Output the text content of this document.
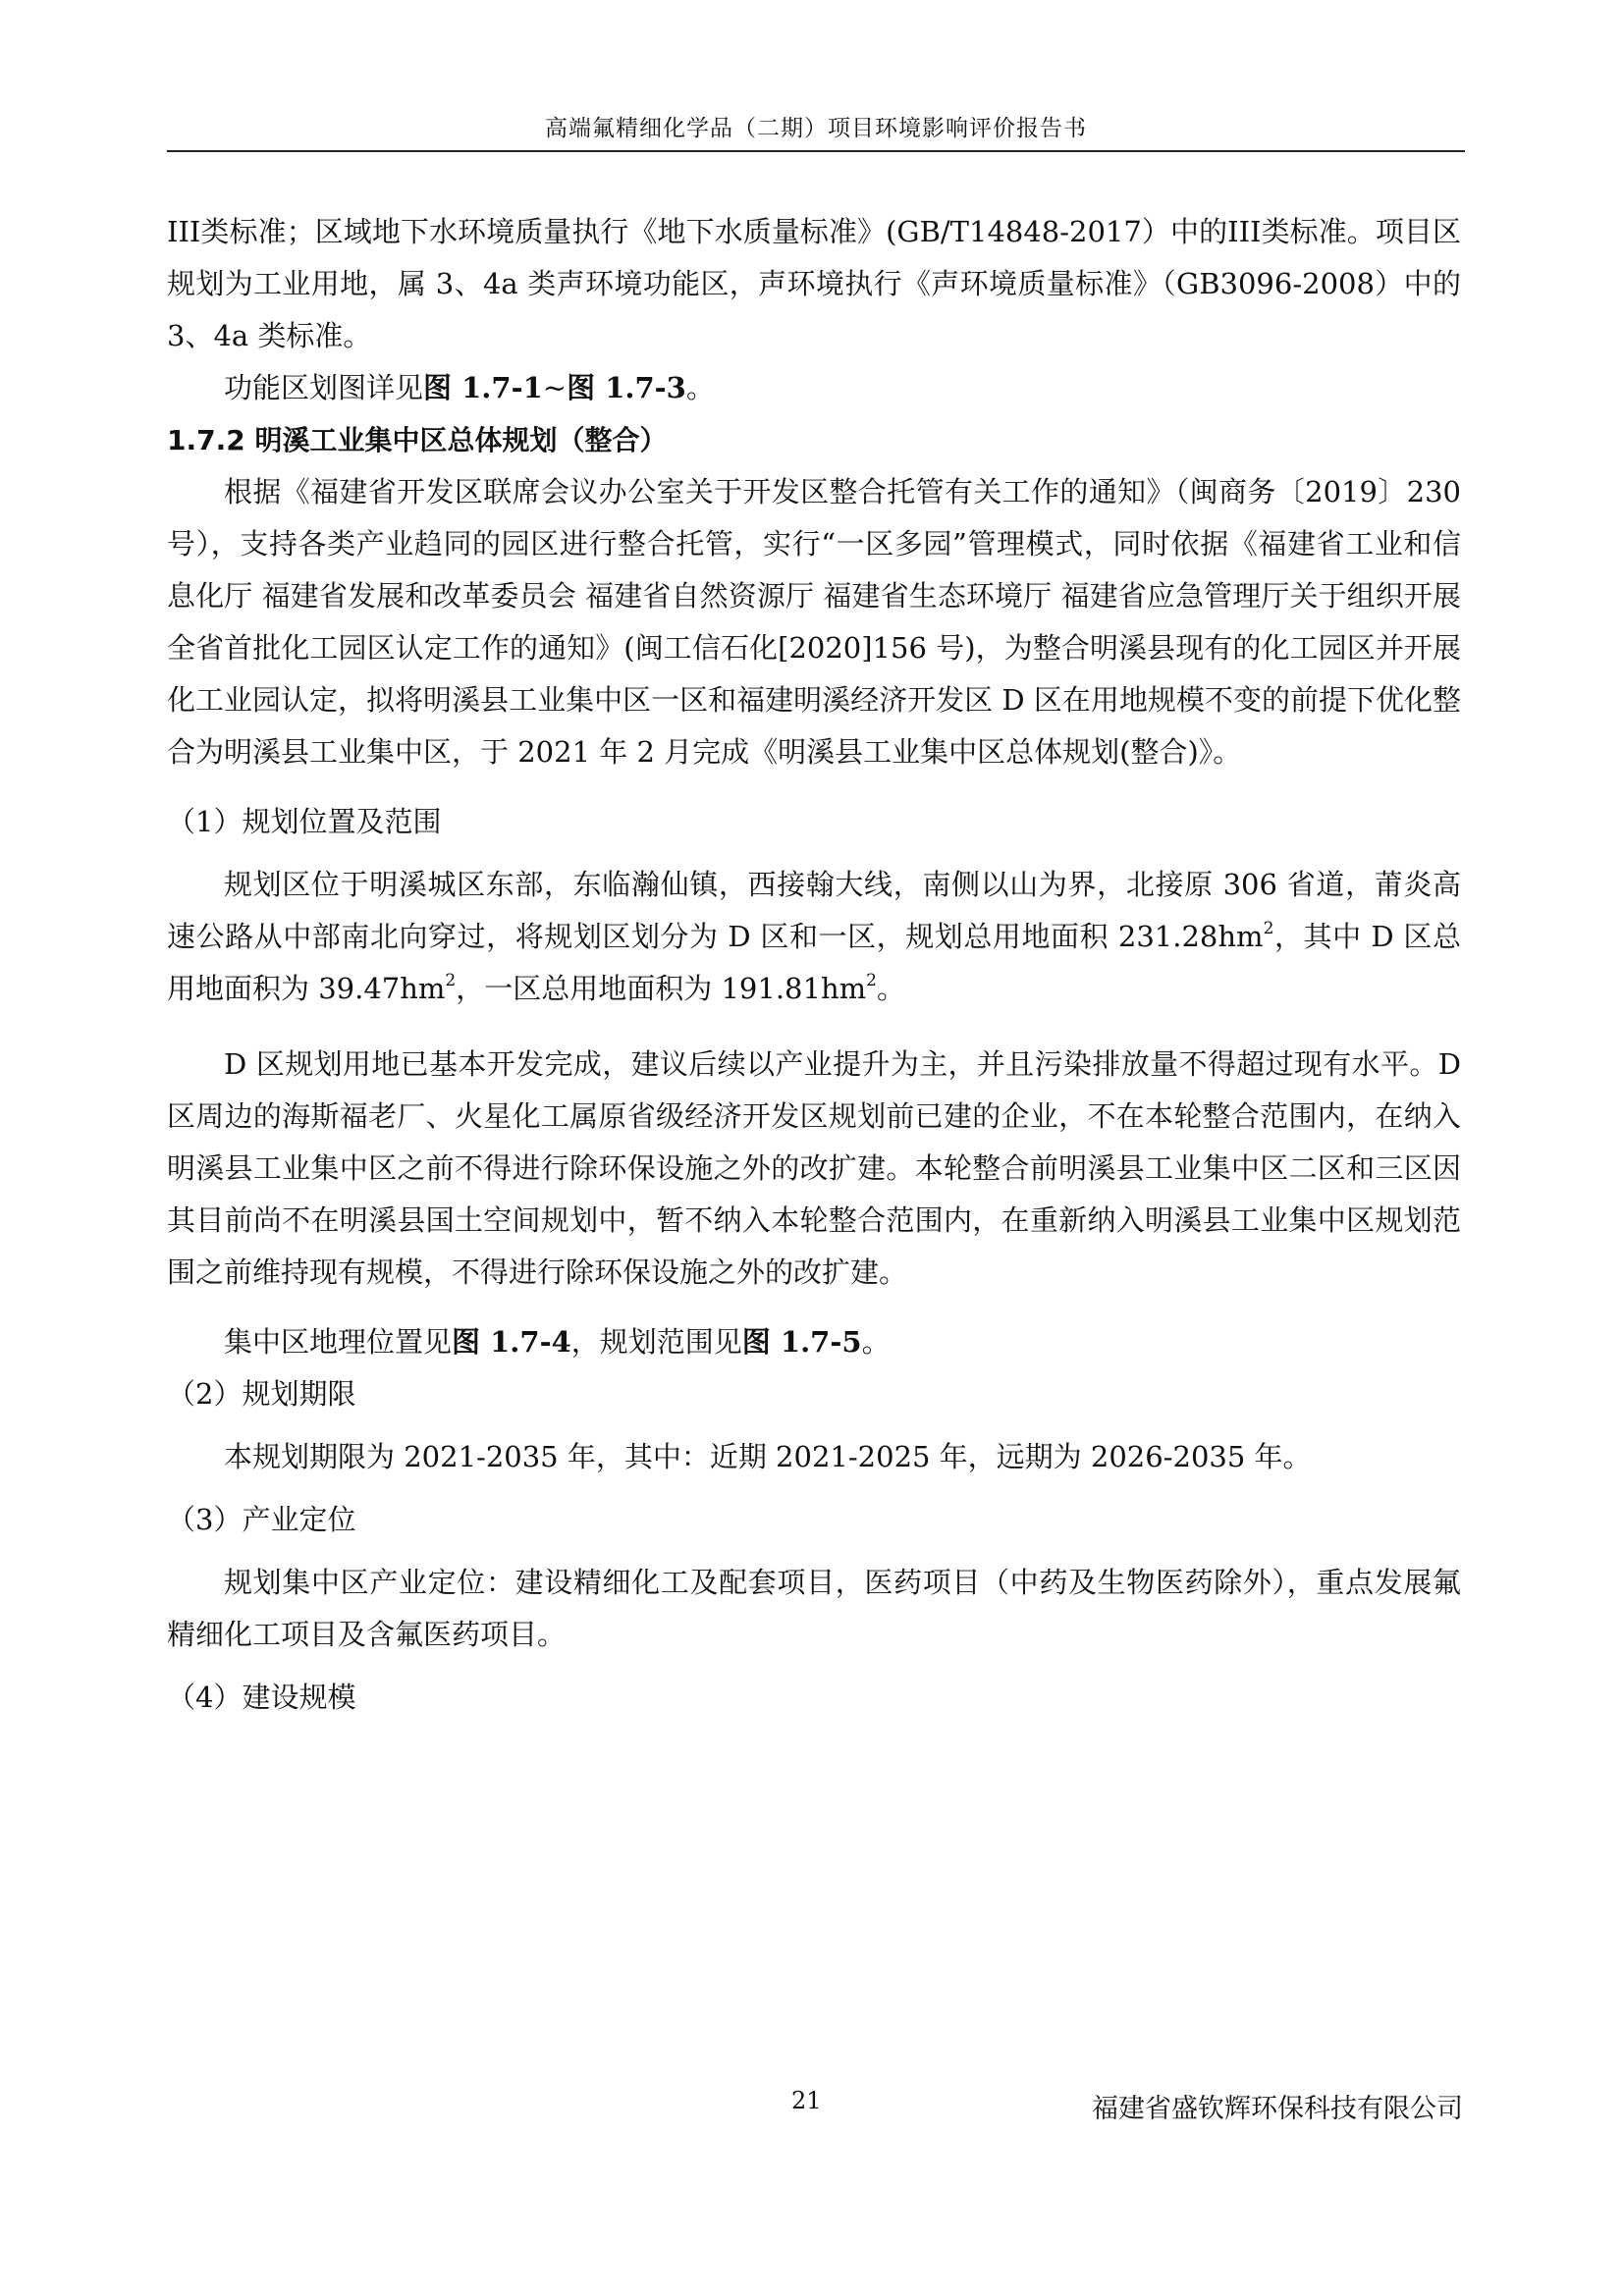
高端氟精细化学品（二期）项目环境影响评价报告书

III类标准；区域地下水环境质量执行《地下水质量标准》(GB/T14848-2017）中的III类标准。项目区规划为工业用地，属 3、4a 类声环境功能区，声环境执行《声环境质量标准》（GB3096-2008）中的 3、4a 类标准。

功能区划图详见图 1.7-1~图 1.7-3。

1.7.2 明溪工业集中区总体规划（整合）

根据《福建省开发区联席会议办公室关于开发区整合托管有关工作的通知》（闽商务〔2019〕230 号），支持各类产业趋同的园区进行整合托管，实行“一区多园”管理模式，同时依据《福建省工业和信息化厅 福建省发展和改革委员会 福建省自然资源厅 福建省生态环境厅 福建省应急管理厅关于组织开展全省首批化工园区认定工作的通知》(闽工信石化[2020]156 号)，为整合明溪县现有的化工园区并开展化工业园认定，拟将明溪县工业集中区一区和福建明溪经济开发区 D 区在用地规模不变的前提下优化整合为明溪县工业集中区，于 2021 年 2 月完成《明溪县工业集中区总体规划(整合)》。

（1）规划位置及范围

规划区位于明溪城区东部，东临瀚仙镇，西接翰大线，南侧以山为界，北接原 306 省道，莆炎高速公路从中部南北向穿过，将规划区划分为 D 区和一区，规划总用地面积 $231.28hm^2$，其中 D 区总用地面积为 $39.47hm^2$，一区总用地面积为 $191.81hm^2$。

D 区规划用地已基本开发完成，建议后续以产业提升为主，并且污染排放量不得超过现有水平。D 区周边的海斯福老厂、火星化工属原省级经济开发区规划前已建的企业，不在本轮整合范围内，在纳入明溪县工业集中区之前不得进行除环保设施之外的改扩建。本轮整合前明溪县工业集中区二区和三区因其目前尚不在明溪县国土空间规划中，暂不纳入本轮整合范围内，在重新纳入明溪县工业集中区规划范围之前维持现有规模，不得进行除环保设施之外的改扩建。

集中区地理位置见图 1.7-4，规划范围见图 1.7-5。

（2）规划期限

本规划期限为 2021-2035 年，其中：近期 2021-2025 年，远期为 2026-2035 年。

（3）产业定位

规划集中区产业定位：建设精细化工及配套项目，医药项目（中药及生物医药除外），重点发展氟精细化工项目及含氟医药项目。

（4）建设规模

21	福建省盛钦辉环保科技有限公司
